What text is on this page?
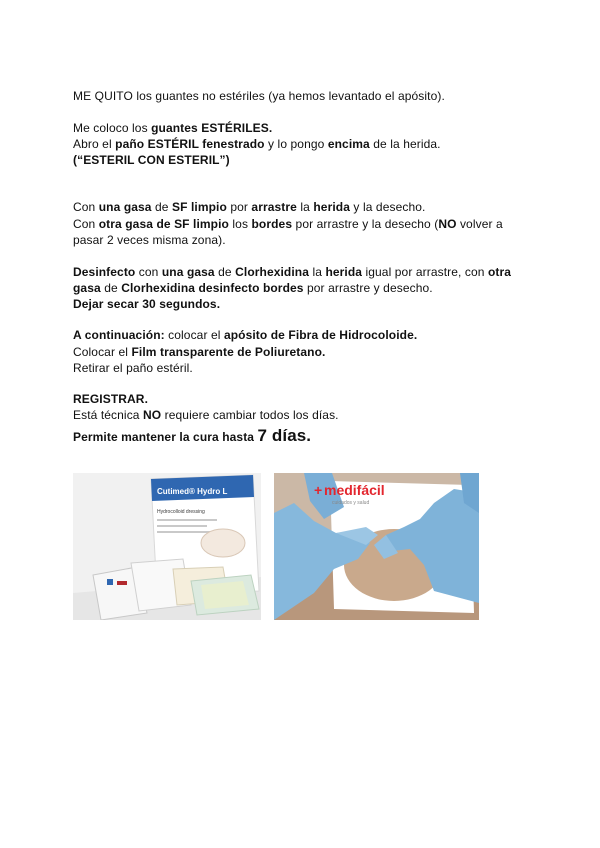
ME QUITO los guantes no estériles (ya hemos levantado el apósito).
Me coloco los guantes ESTÉRILES.
Abro el paño ESTÉRIL fenestrado y lo pongo encima de la herida.
(“ESTERIL CON ESTERIL”)
Con una gasa de SF limpio por arrastre la herida y la desecho.
Con otra gasa de SF limpio los bordes por arrastre y la desecho (NO volver a
pasar 2 veces misma zona).
Desinfecto con una gasa de Clorhexidina la herida igual por arrastre, con otra
gasa de Clorhexidina desinfecto bordes por arrastre y desecho.
Dejar secar 30 segundos.
A continuación: colocar el apósito de Fibra de Hidrocoloide.
Colocar el Film transparente de Poliuretano.
Retirar el paño estéril.
REGISTRAR.
Está técnica NO requiere cambiar todos los días.
Permite mantener la cura hasta 7 días.
Cutimed® Hydro L
Hydrocolloid dressing
+ medifácil
cuidados y salud
